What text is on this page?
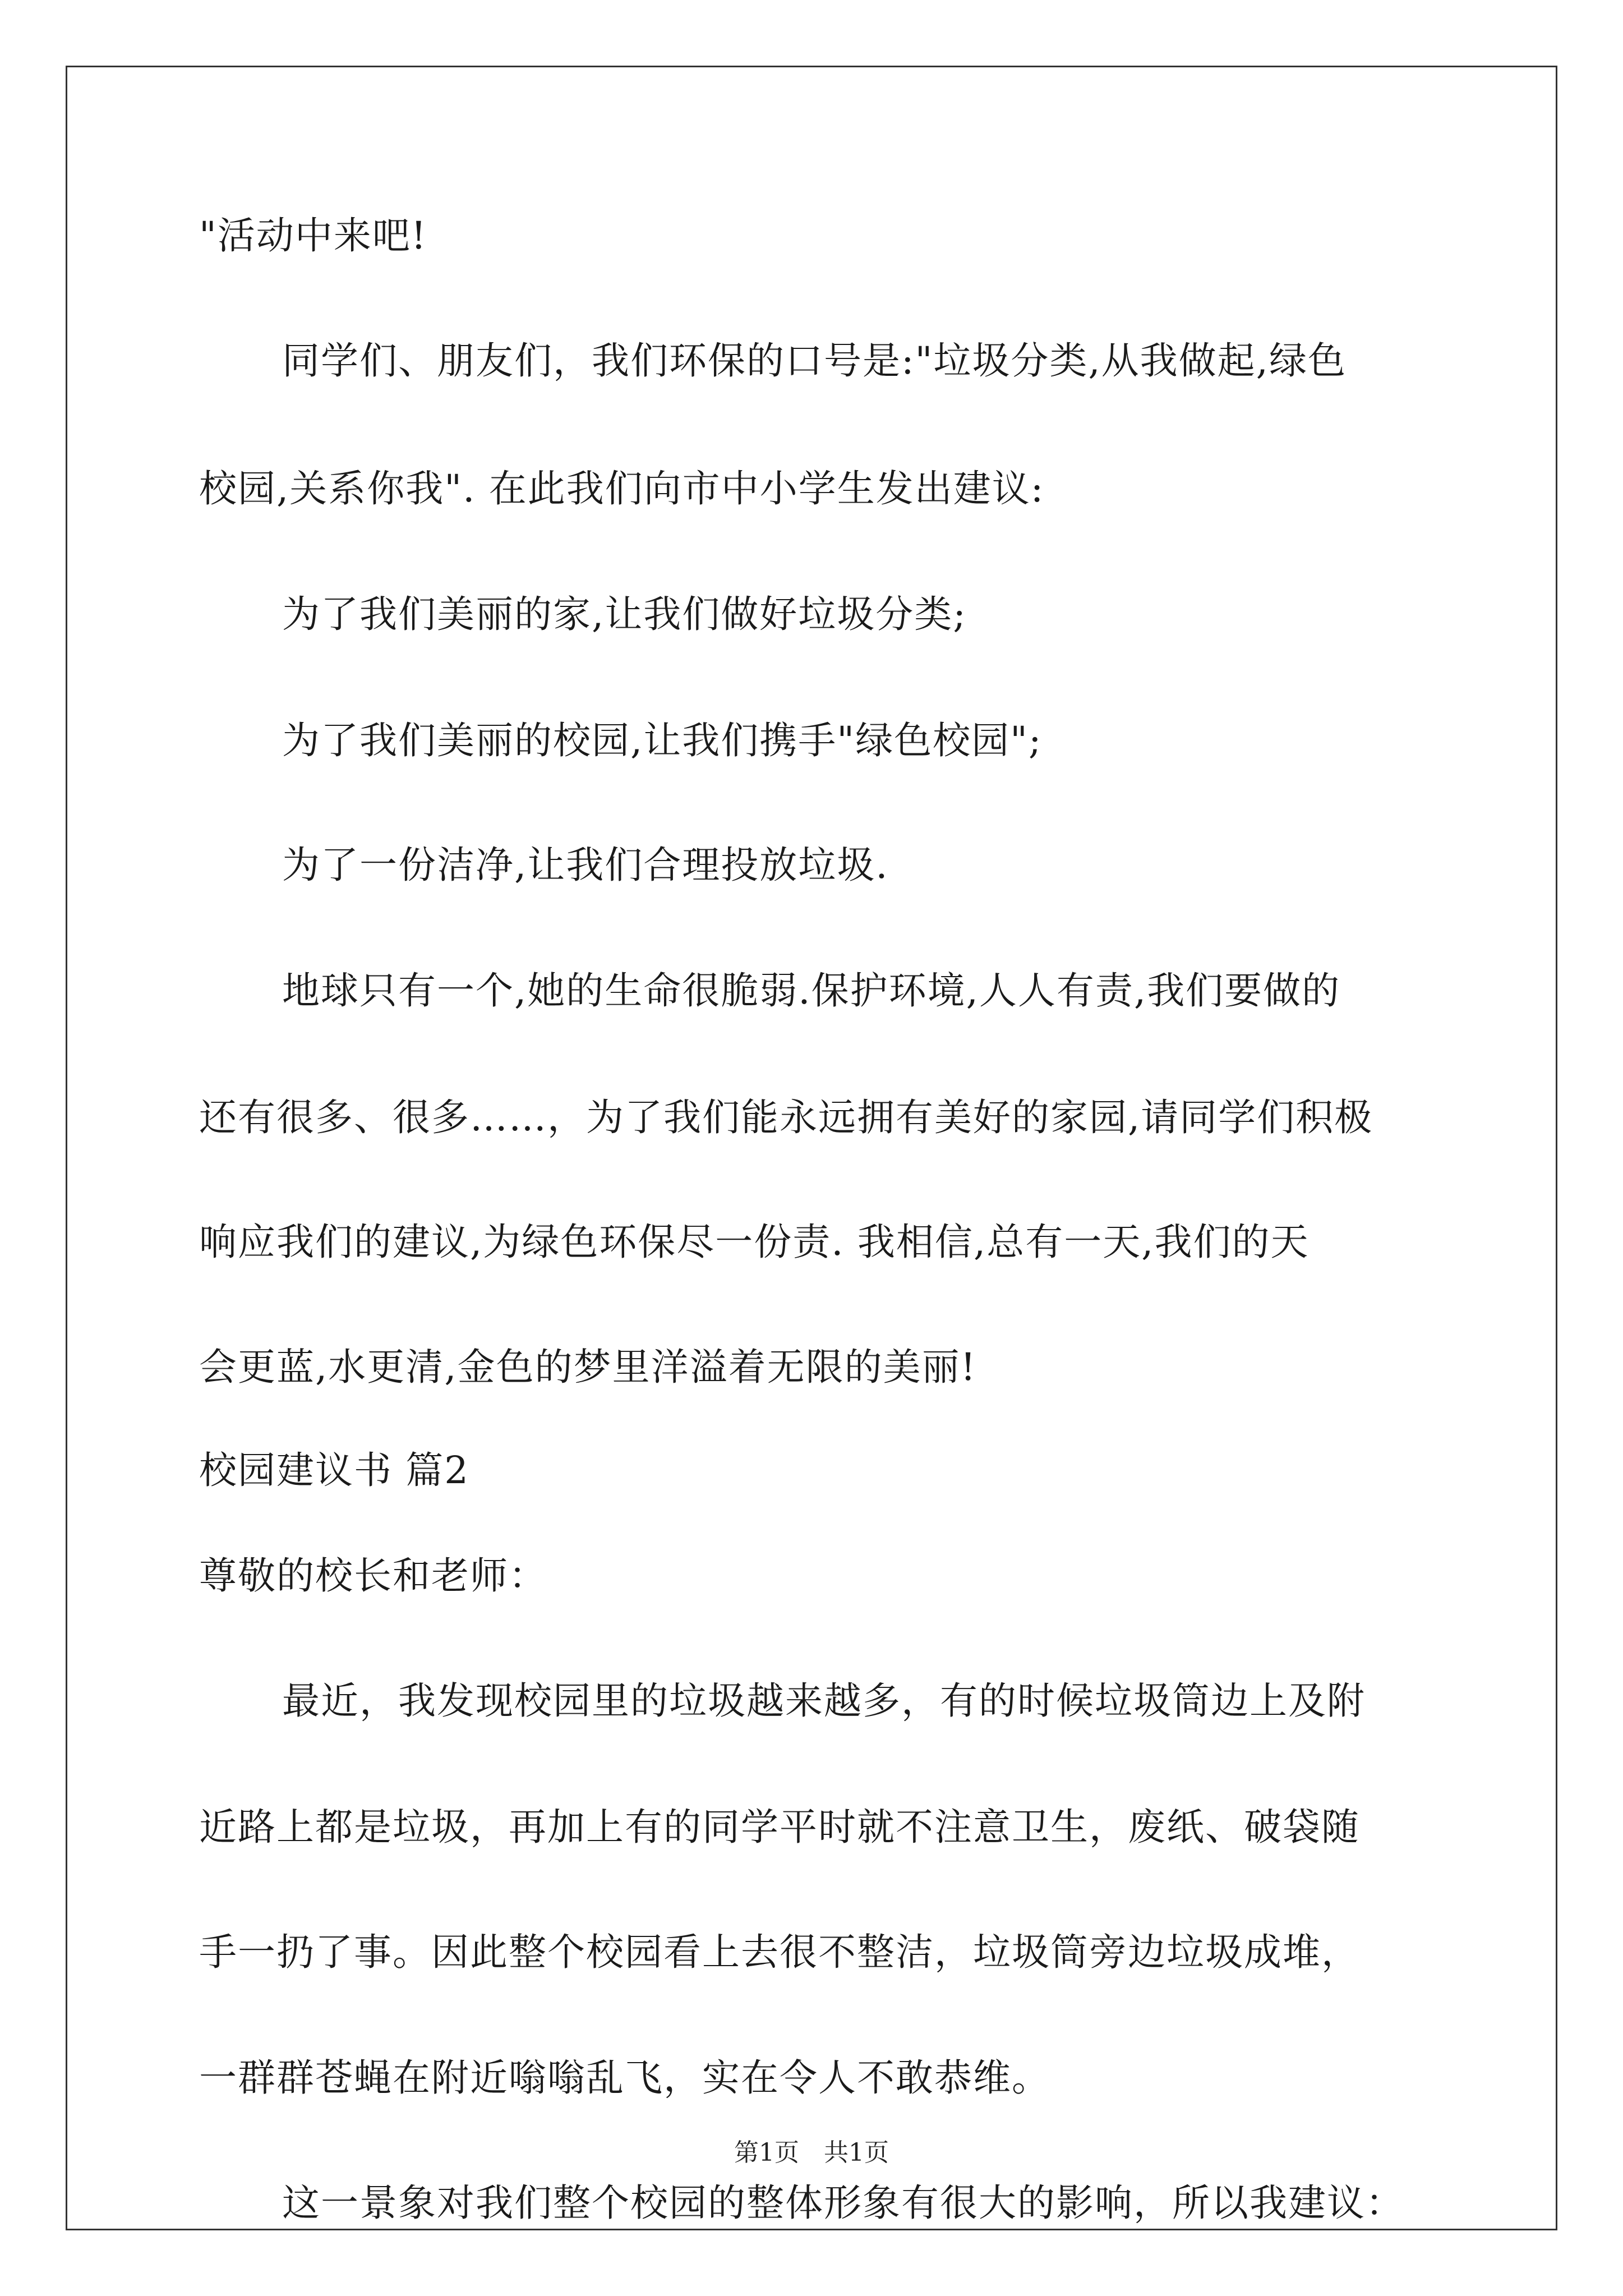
"活动中来吧!
同学们、朋友们，我们环保的口号是:"垃圾分类,从我做起,绿色
校园,关系你我". 在此我们向市中小学生发出建议:
为了我们美丽的家,让我们做好垃圾分类;
为了我们美丽的校园,让我们携手"绿色校园";
为了一份洁净,让我们合理投放垃圾.
地球只有一个,她的生命很脆弱.保护环境,人人有责,我们要做的
还有很多、很多……，为了我们能永远拥有美好的家园,请同学们积极
响应我们的建议,为绿色环保尽一份责. 我相信,总有一天,我们的天
会更蓝,水更清,金色的梦里洋溢着无限的美丽!
校园建议书 篇2
尊敬的校长和老师：
最近，我发现校园里的垃圾越来越多，有的时候垃圾筒边上及附
近路上都是垃圾，再加上有的同学平时就不注意卫生，废纸、破袋随
手一扔了事。因此整个校园看上去很不整洁，垃圾筒旁边垃圾成堆，
一群群苍蝇在附近嗡嗡乱飞，实在令人不敢恭维。
这一景象对我们整个校园的整体形象有很大的影响，所以我建议：
第1页　共1页
